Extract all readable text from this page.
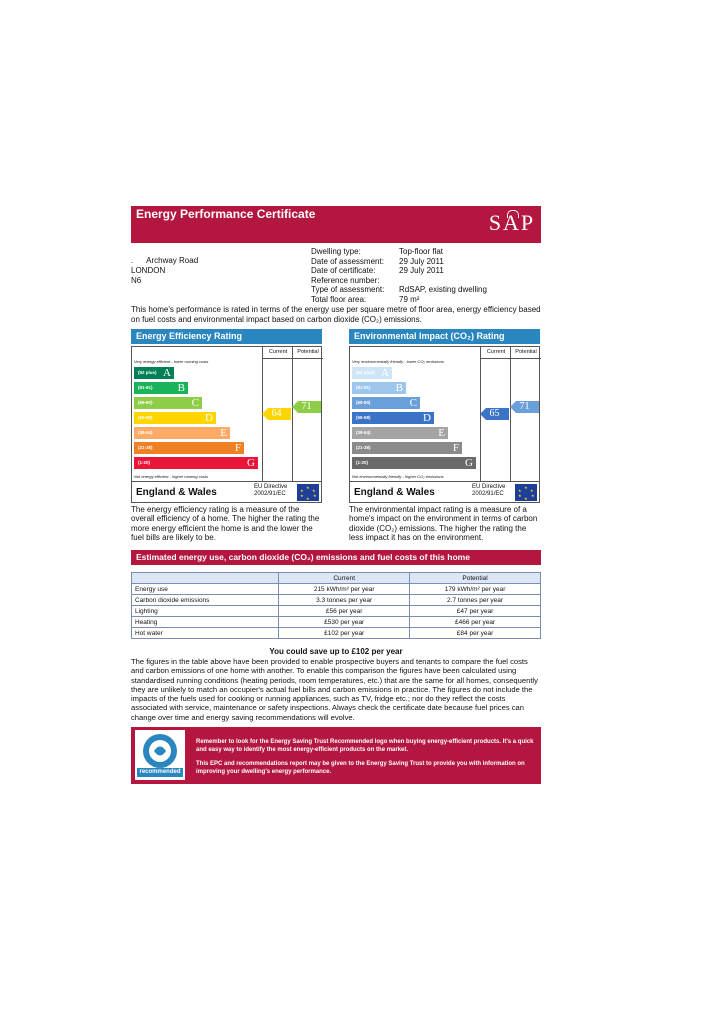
Energy Performance Certificate	SAP
.      Archway Road
LONDON
N6
Dwelling type:	Top-floor flat
Date of assessment:	29 July 2011
Date of certificate:	29 July 2011
Reference number:
Type of assessment:	RdSAP, existing dwelling
Total floor area:	79 m²
This home's performance is rated in terms of the energy use per square metre of floor area, energy efficiency based on fuel costs and environmental impact based on carbon dioxide (CO₂) emissions.
Energy Efficiency Rating
Current	Potential
Very energy efficient - lower running costs
(92 plus) A
(81-91) B
(69-80)	C
(55-68)	D
(39-54)	E
(21-38)	F
(1-20)	G
Not energy efficient - higher running costs
England & Wales	EU Directive 2002/91/EC
★
★
★
★
★
★
64
71
The energy efficiency rating is a measure of the overall efficiency of a home. The higher the rating the more energy efficient the home is and the lower the fuel bills are likely to be.
Environmental Impact (CO₂) Rating
Current	Potential
Very environmentally friendly - lower CO₂ emissions
(92 plus) A
(81-91) B
(69-80)	C
(55-68)	D
(39-54)	E
(21-38)	F
(1-20)	G
Not environmentally friendly - higher CO₂ emissions
England & Wales	EU Directive 2002/91/EC
★
★
★
★
★
★
65
71
The environmental impact rating is a measure of a home's impact on the environment in terms of carbon dioxide (CO₂) emissions. The higher the rating the less impact it has on the environment.
Estimated energy use, carbon dioxide (CO₂) emissions and fuel costs of this home
	Current	Potential
Energy use	215 kWh/m² per year	179 kWh/m² per year
Carbon dioxide emissions	3.3 tonnes per year	2.7 tonnes per year
Lighting	£56 per year	£47 per year
Heating	£530 per year	£466 per year
Hot water	£102 per year	£84 per year
You could save up to £102 per year
The figures in the table above have been provided to enable prospective buyers and tenants to compare the fuel costs and carbon emissions of one home with another. To enable this comparison the figures have been calculated using standardised running conditions (heating periods, room temperatures, etc.) that are the same for all homes, consequently they are unlikely to match an occupier's actual fuel bills and carbon emissions in practice. The figures do not include the impacts of the fuels used for cooking or running appliances, such as TV, fridge etc.; nor do they reflect the costs associated with service, maintenance or safety inspections. Always check the certificate date because fuel prices can change over time and energy saving recommendations will evolve.
recommended
Remember to look for the Energy Saving Trust Recommended logo when buying energy-efficient products. It's a quick and easy way to identify the most energy-efficient products on the market.
This EPC and recommendations report may be given to the Energy Saving Trust to provide you with information on improving your dwelling's energy performance.
